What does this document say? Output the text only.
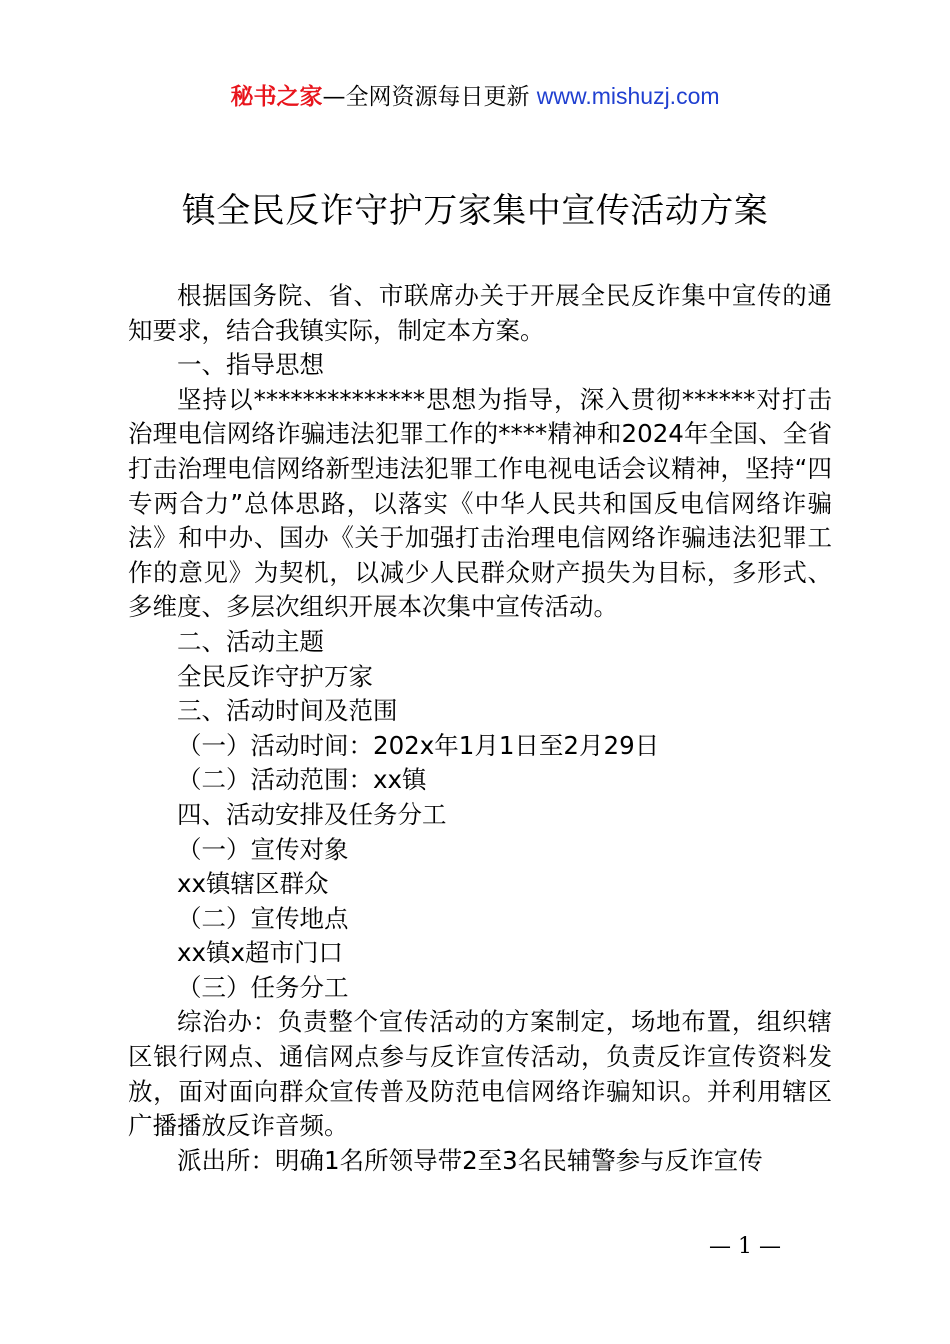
秘书之家—全网资源每日更新 www.mishuzj.com
镇全民反诈守护万家集中宣传活动方案

根据国务院、省、市联席办关于开展全民反诈集中宣传的通知要求，结合我镇实际，制定本方案。

一、指导思想

坚持以**************思想为指导，深入贯彻******对打击治理电信网络诈骗违法犯罪工作的****精神和2024年全国、全省打击治理电信网络新型违法犯罪工作电视电话会议精神，坚持“四专两合力”总体思路，以落实《中华人民共和国反电信网络诈骗法》和中办、国办《关于加强打击治理电信网络诈骗违法犯罪工作的意见》为契机，以减少人民群众财产损失为目标，多形式、多维度、多层次组织开展本次集中宣传活动。

二、活动主题

全民反诈守护万家

三、活动时间及范围

（一）活动时间：202x年1月1日至2月29日

（二）活动范围：xx镇

四、活动安排及任务分工

（一）宣传对象

xx镇辖区群众

（二）宣传地点

xx镇x超市门口

（三）任务分工

综治办：负责整个宣传活动的方案制定，场地布置，组织辖区银行网点、通信网点参与反诈宣传活动，负责反诈宣传资料发放，面对面向群众宣传普及防范电信网络诈骗知识。并利用辖区广播播放反诈音频。

派出所：明确1名所领导带2至3名民辅警参与反诈宣传

— 1 —
